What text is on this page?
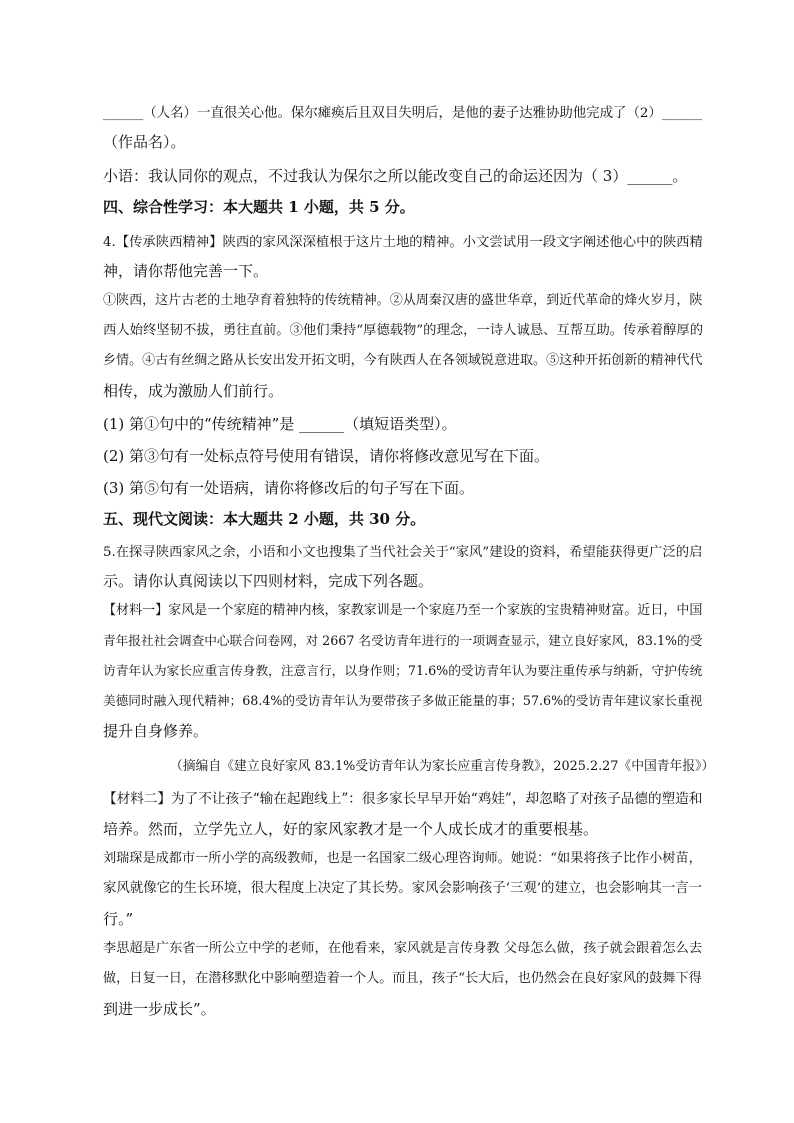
______（人名）一直很关心他。保尔瘫痪后且双目失明后，是他的妻子达雅协助他完成了（2）______
（作品名）。
小语：我认同你的观点，不过我认为保尔之所以能改变自己的命运还因为（ 3）______。
四、综合性学习：本大题共 1 小题，共 5 分。
4.【传承陕西精神】陕西的家风深深植根于这片土地的精神。小文尝试用一段文字阐述他心中的陕西精
神，请你帮他完善一下。
①陕西，这片古老的土地孕育着独特的传统精神。②从周秦汉唐的盛世华章，到近代革命的烽火岁月，陕
西人始终坚韧不拔，勇往直前。③他们秉持“厚德载物”的理念，一诗人诚恳、互帮互助。传承着醇厚的
乡情。④古有丝绸之路从长安出发开拓文明，今有陕西人在各领域锐意进取。⑤这种开拓创新的精神代代
相传，成为激励人们前行。
(1) 第①句中的“传统精神”是 ______（填短语类型）。
(2) 第③句有一处标点符号使用有错误，请你将修改意见写在下面。
(3) 第⑤句有一处语病，请你将修改后的句子写在下面。
五、现代文阅读：本大题共 2 小题，共 30 分。
5.在探寻陕西家风之余，小语和小文也搜集了当代社会关于“家风”建设的资料，希望能获得更广泛的启
示。请你认真阅读以下四则材料，完成下列各题。
【材料一】家风是一个家庭的精神内核，家教家训是一个家庭乃至一个家族的宝贵精神财富。近日，中国
青年报社社会调查中心联合问卷网，对 2667 名受访青年进行的一项调查显示，建立良好家风，83.1%的受
访青年认为家长应重言传身教，注意言行，以身作则；71.6%的受访青年认为要注重传承与纳新，守护传统
美德同时融入现代精神；68.4%的受访青年认为要带孩子多做正能量的事；57.6%的受访青年建议家长重视
提升自身修养。
（摘编自《建立良好家风 83.1%受访青年认为家长应重言传身教》，2025.2.27《中国青年报》）
【材料二】为了不让孩子“输在起跑线上”：很多家长早早开始“鸡娃”，却忽略了对孩子品德的塑造和
培养。然而，立学先立人，好的家风家教才是一个人成长成才的重要根基。
刘瑞琛是成都市一所小学的高级教师，也是一名国家二级心理咨询师。她说：“如果将孩子比作小树苗，
家风就像它的生长环境，很大程度上决定了其长势。家风会影响孩子‘三观’的建立，也会影响其一言一
行。”
李思超是广东省一所公立中学的老师，在他看来，家风就是言传身教 父母怎么做，孩子就会跟着怎么去
做，日复一日，在潜移默化中影响塑造着一个人。而且，孩子“长大后，也仍然会在良好家风的鼓舞下得
到进一步成长”。
